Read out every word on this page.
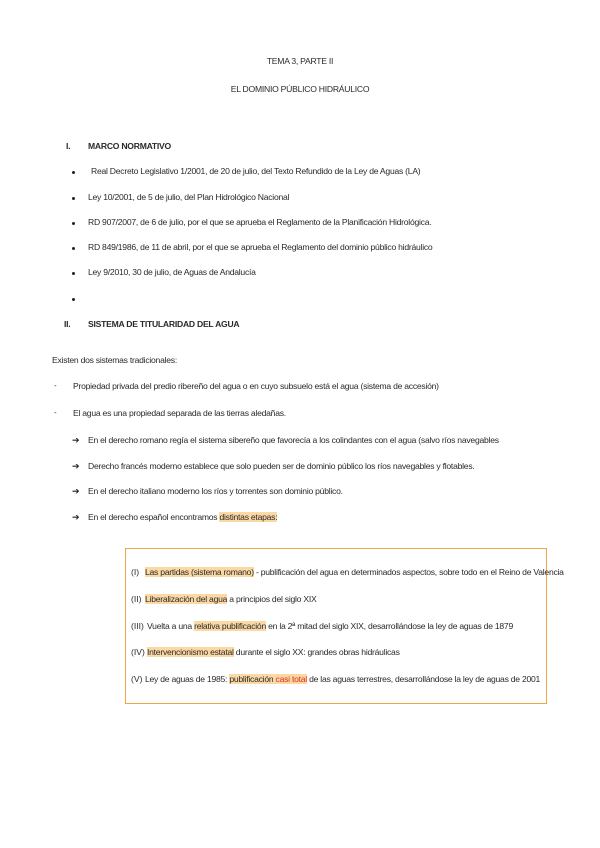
TEMA 3, PARTE II
EL DOMINIO PÚBLICO HIDRÁULICO
I. MARCO NORMATIVO
Real Decreto Legislativo 1/2001, de 20 de julio, del Texto Refundido de la Ley de Aguas (LA)
Ley 10/2001, de 5 de julio, del Plan Hidrológico Nacional
RD 907/2007, de 6 de julio, por el que se aprueba el Reglamento de la Planificación Hidrológica.
RD 849/1986, de 11 de abril, por el que se aprueba el Reglamento del dominio público hidráulico
Ley 9/2010, 30 de julio, de Aguas de Andalucía
II. SISTEMA DE TITULARIDAD DEL AGUA
Existen dos sistemas tradicionales:
- Propiedad privada del predio ribereño del agua o en cuyo subsuelo está el agua (sistema de accesión)
- El agua es una propiedad separada de las tierras aledañas.
➔ En el derecho romano regía el sistema sibereño que favorecía a los colindantes con el agua (salvo ríos navegables
➔ Derecho francés moderno establece que solo pueden ser de dominio público los ríos navegables y flotables.
➔ En el derecho italiano moderno los ríos y torrentes son dominio público.
➔ En el derecho español encontramos distintas etapas:
(I) Las partidas (sistema romano) - publificación del agua en determinados aspectos, sobre todo en el Reino de Valencia
(II) Liberalización del agua a principios del siglo XIX
(III) Vuelta a una relativa publificación en la 2ª mitad del siglo XIX, desarrollándose la ley de aguas de 1879
(IV) Intervencionismo estatal durante el siglo XX: grandes obras hidráulicas
(V) Ley de aguas de 1985: publificación casi total de las aguas terrestres, desarrollándose la ley de aguas de 2001
